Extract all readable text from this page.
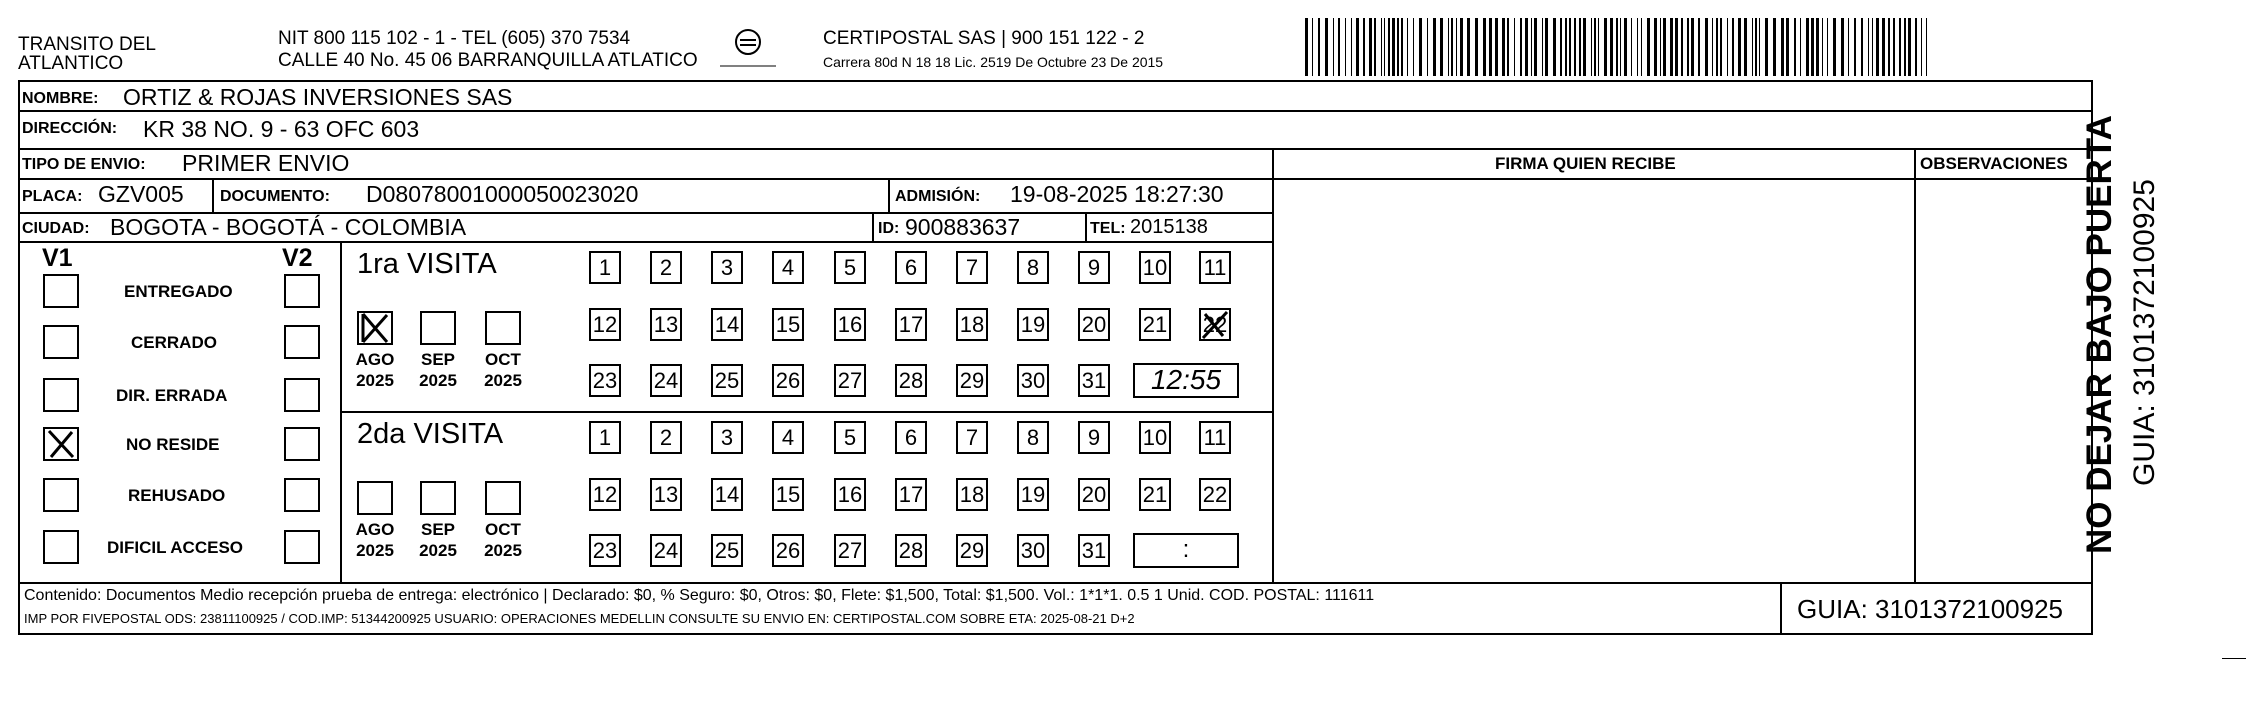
TRANSITO DEL
ATLANTICO
NIT 800 115 102 - 1 - TEL (605) 370 7534
CALLE 40 No. 45 06 BARRANQUILLA ATLATICO
CERTIPOSTAL SAS | 900 151 122 - 2
Carrera 80d N 18 18 Lic. 2519 De Octubre 23 De 2015
NOMBRE: ORTIZ & ROJAS INVERSIONES SAS
DIRECCIÓN: KR 38 NO. 9 - 63 OFC 603
TIPO DE ENVIO: PRIMER ENVIO	FIRMA QUIEN RECIBE	OBSERVACIONES
PLACA: GZV005 DOCUMENTO: D08078001000050023020	ADMISIÓN: 19-08-2025 18:27:30
CIUDAD: BOGOTA - BOGOTÁ - COLOMBIA	ID: 900883637	TEL: 2015138
V1	V2
ENTREGADO
CERRADO
DIR. ERRADA
NO RESIDE
REHUSADO
DIFICIL ACCESO
1ra VISITA
AGO
2025
SEP
2025
OCT
2025
1	2	3	4	5	6	7	8	9	10 11
12 13 14 15 16 17 18 19 20 21 22
23 24 25 26 27 28 29 30 31	12:55
2da VISITA
AGO
2025
SEP
2025
OCT
2025
1	2	3	4	5	6	7	8	9	10 11
12 13 14 15 16 17 18 19 20 21 22
23 24 25 26 27 28 29 30 31	:
Contenido: Documentos Medio recepción prueba de entrega: electrónico | Declarado: $0, % Seguro: $0, Otros: $0, Flete: $1,500, Total: $1,500. Vol.: 1*1*1. 0.5 1 Unid. COD. POSTAL: 111611
IMP POR FIVEPOSTAL ODS: 23811100925 / COD.IMP: 51344200925 USUARIO: OPERACIONES MEDELLIN CONSULTE SU ENVIO EN: CERTIPOSTAL.COM SOBRE ETA: 2025-08-21 D+2	GUIA: 3101372100925
NO DEJAR BAJO PUERTA GUIA: 3101372100925
